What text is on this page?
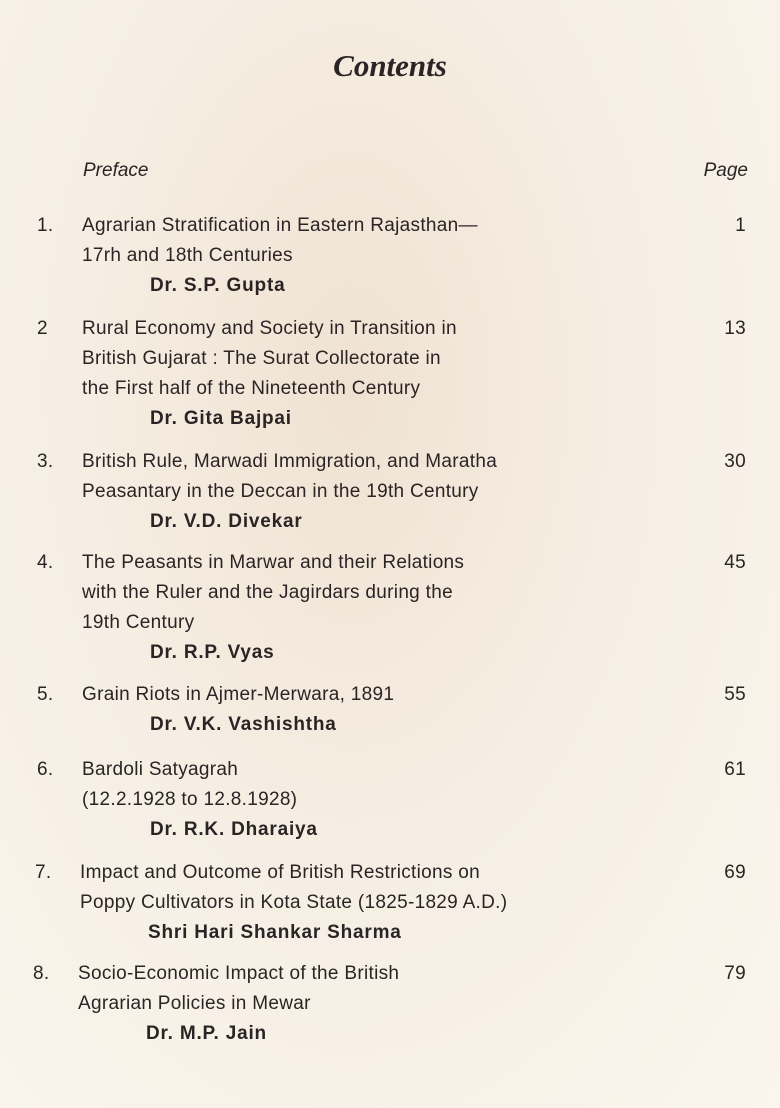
Contents
Preface	Page
1. Agrarian Stratification in Eastern Rajasthan—
17rh and 18th Centuries
Dr. S.P. Gupta
1
2 Rural Economy and Society in Transition in
British Gujarat : The Surat Collectorate in
the First half of the Nineteenth Century
Dr. Gita Bajpai
13
3. British Rule, Marwadi Immigration, and Maratha
Peasantary in the Deccan in the 19th Century
Dr. V.D. Divekar
30
4. The Peasants in Marwar and their Relations
with the Ruler and the Jagirdars during the
19th Century
Dr. R.P. Vyas
45
5. Grain Riots in Ajmer-Merwara, 1891
Dr. V.K. Vashishtha
55
6. Bardoli Satyagrah
(12.2.1928 to 12.8.1928)
Dr. R.K. Dharaiya
61
7. Impact and Outcome of British Restrictions on
Poppy Cultivators in Kota State (1825-1829 A.D.)
Shri Hari Shankar Sharma
69
8. Socio-Economic Impact of the British
Agrarian Policies in Mewar
Dr. M.P. Jain
79
